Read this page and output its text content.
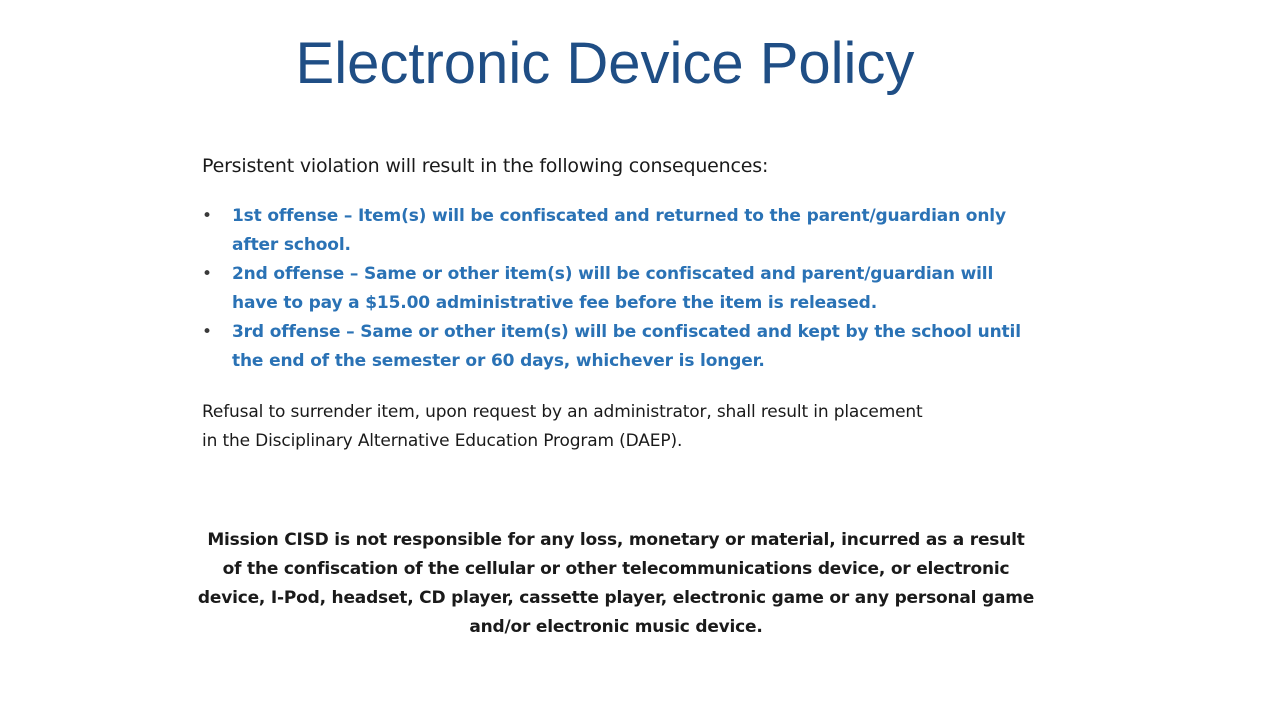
Electronic Device Policy

Persistent violation will result in the following consequences:

• 1st offense – Item(s) will be confiscated and returned to the parent/guardian only after school.
• 2nd offense – Same or other item(s) will be confiscated and parent/guardian will have to pay a $15.00 administrative fee before the item is released.
• 3rd offense – Same or other item(s) will be confiscated and kept by the school until the end of the semester or 60 days, whichever is longer.

Refusal to surrender item, upon request by an administrator, shall result in placement in the Disciplinary Alternative Education Program (DAEP).

Mission CISD is not responsible for any loss, monetary or material, incurred as a result of the confiscation of the cellular or other telecommunications device, or electronic device, I-Pod, headset, CD player, cassette player, electronic game or any personal game and/or electronic music device.
